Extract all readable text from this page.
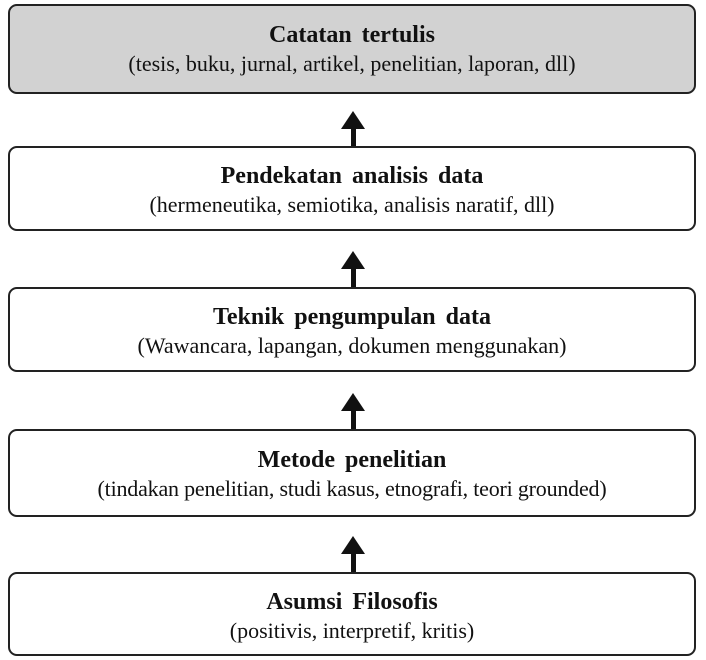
Catatan tertulis
(tesis, buku, jurnal, artikel, penelitian, laporan, dll)
Pendekatan analisis data
(hermeneutika, semiotika, analisis naratif, dll)
Teknik pengumpulan data
(Wawancara, lapangan, dokumen menggunakan)
Metode penelitian
(tindakan penelitian, studi kasus, etnografi, teori grounded)
Asumsi Filosofis
(positivis, interpretif, kritis)
